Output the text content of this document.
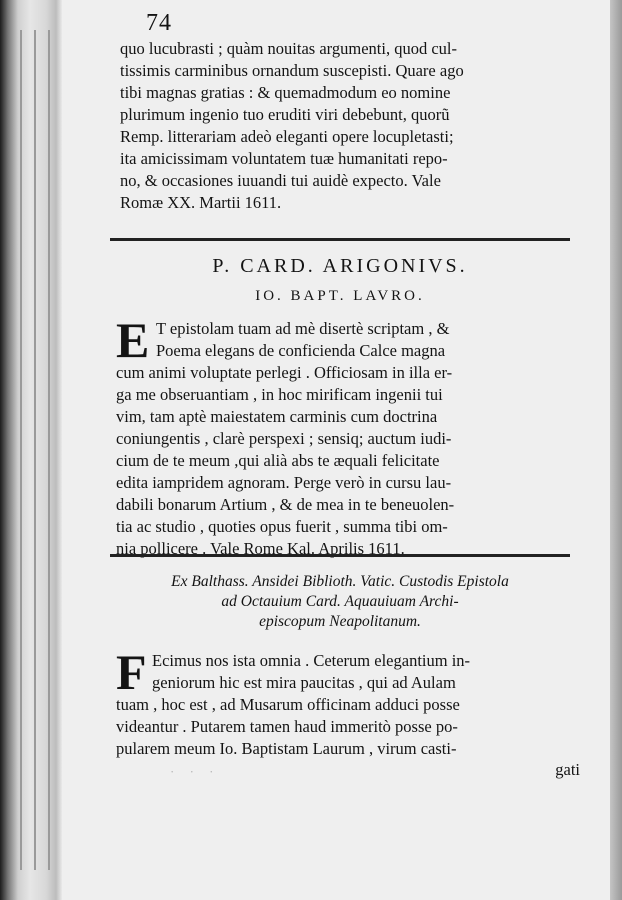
74

quo lucubrasti ; quàm nouitas argumenti, quod cul-
tissimis carminibus ornandum suscepisti. Quare ago
tibi magnas gratias : & quemadmodum eo nomine
plurimum ingenio tuo eruditi viri debebunt, quorũ
Remp. litterariam adeò eleganti opere locupletasti;
ita amicissimam voluntatem tuæ humanitati repo-
no, & occasiones iuuandi tui auidè expecto. Vale
Romæ XX. Martii 1611.

P. CARD. ARIGONIVS.
IO. BAPT. LAVRO.
E T epistolam tuam ad mè disertè scriptam , &
Poema elegans de conficienda Calce magna
cum animi voluptate perlegi . Officiosam in illa er-
ga me obseruantiam , in hoc mirificam ingenii tui
vim, tam aptè maiestatem carminis cum doctrina
coniungentis , clarè perspexi ; sensiq; auctum iudi-
cium de te meum ,qui alià abs te æquali felicitate
edita iampridem agnoram. Perge verò in cursu lau-
dabili bonarum Artium , & de mea in te beneuolen-
tia ac studio , quoties opus fuerit , summa tibi om-
nia pollicere . Vale Rome Kal. Aprilis 1611.

Ex Balthass. Ansidei Biblioth. Vatic. Custodis Epistola
ad Octauium Card. Aquauiuam Archi-
episcopum Neapolitanum.

F Ecimus nos ista omnia . Ceterum elegantium in-
geniorum hic est mira paucitas , qui ad Aulam
tuam , hoc est , ad Musarum officinam adduci posse
videantur . Putarem tamen haud immeritò posse po-
pularem meum Io. Baptistam Laurum , virum casti-

gati
· · ·
